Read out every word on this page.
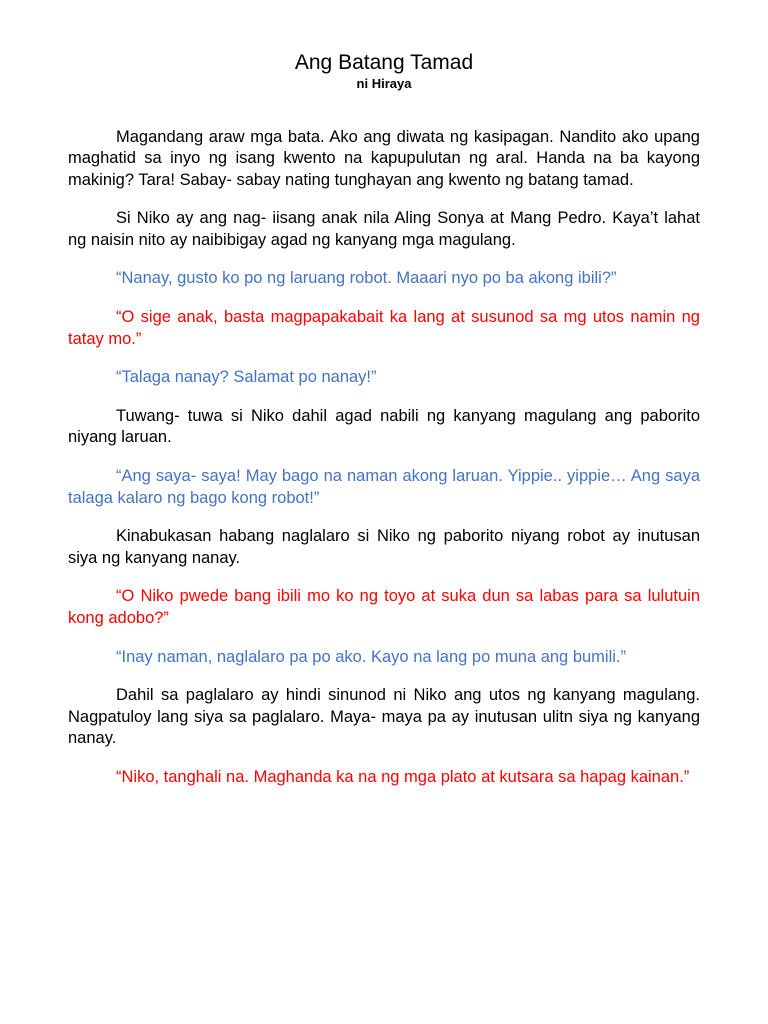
Ang Batang Tamad
ni Hiraya

Magandang araw mga bata. Ako ang diwata ng kasipagan. Nandito ako upang maghatid sa inyo ng isang kwento na kapupulutan ng aral. Handa na ba kayong makinig? Tara! Sabay- sabay nating tunghayan ang kwento ng batang tamad.

Si Niko ay ang nag- iisang anak nila Aling Sonya at Mang Pedro. Kaya’t lahat ng naisin nito ay naibibigay agad ng kanyang mga magulang.

“Nanay, gusto ko po ng laruang robot. Maaari nyo po ba akong ibili?”

“O sige anak, basta magpapakabait ka lang at susunod sa mg utos namin ng tatay mo.”

“Talaga nanay? Salamat po nanay!”

Tuwang- tuwa si Niko dahil agad nabili ng kanyang magulang ang paborito niyang laruan.

“Ang saya- saya! May bago na naman akong laruan. Yippie.. yippie… Ang saya talaga kalaro ng bago kong robot!”

Kinabukasan habang naglalaro si Niko ng paborito niyang robot ay inutusan siya ng kanyang nanay.

“O Niko pwede bang ibili mo ko ng toyo at suka dun sa labas para sa lulutuin kong adobo?”

“Inay naman, naglalaro pa po ako. Kayo na lang po muna ang bumili.”

Dahil sa paglalaro ay hindi sinunod ni Niko ang utos ng kanyang magulang. Nagpatuloy lang siya sa paglalaro. Maya- maya pa ay inutusan ulitn siya ng kanyang nanay.

“Niko, tanghali na. Maghanda ka na ng mga plato at kutsara sa hapag kainan.”
